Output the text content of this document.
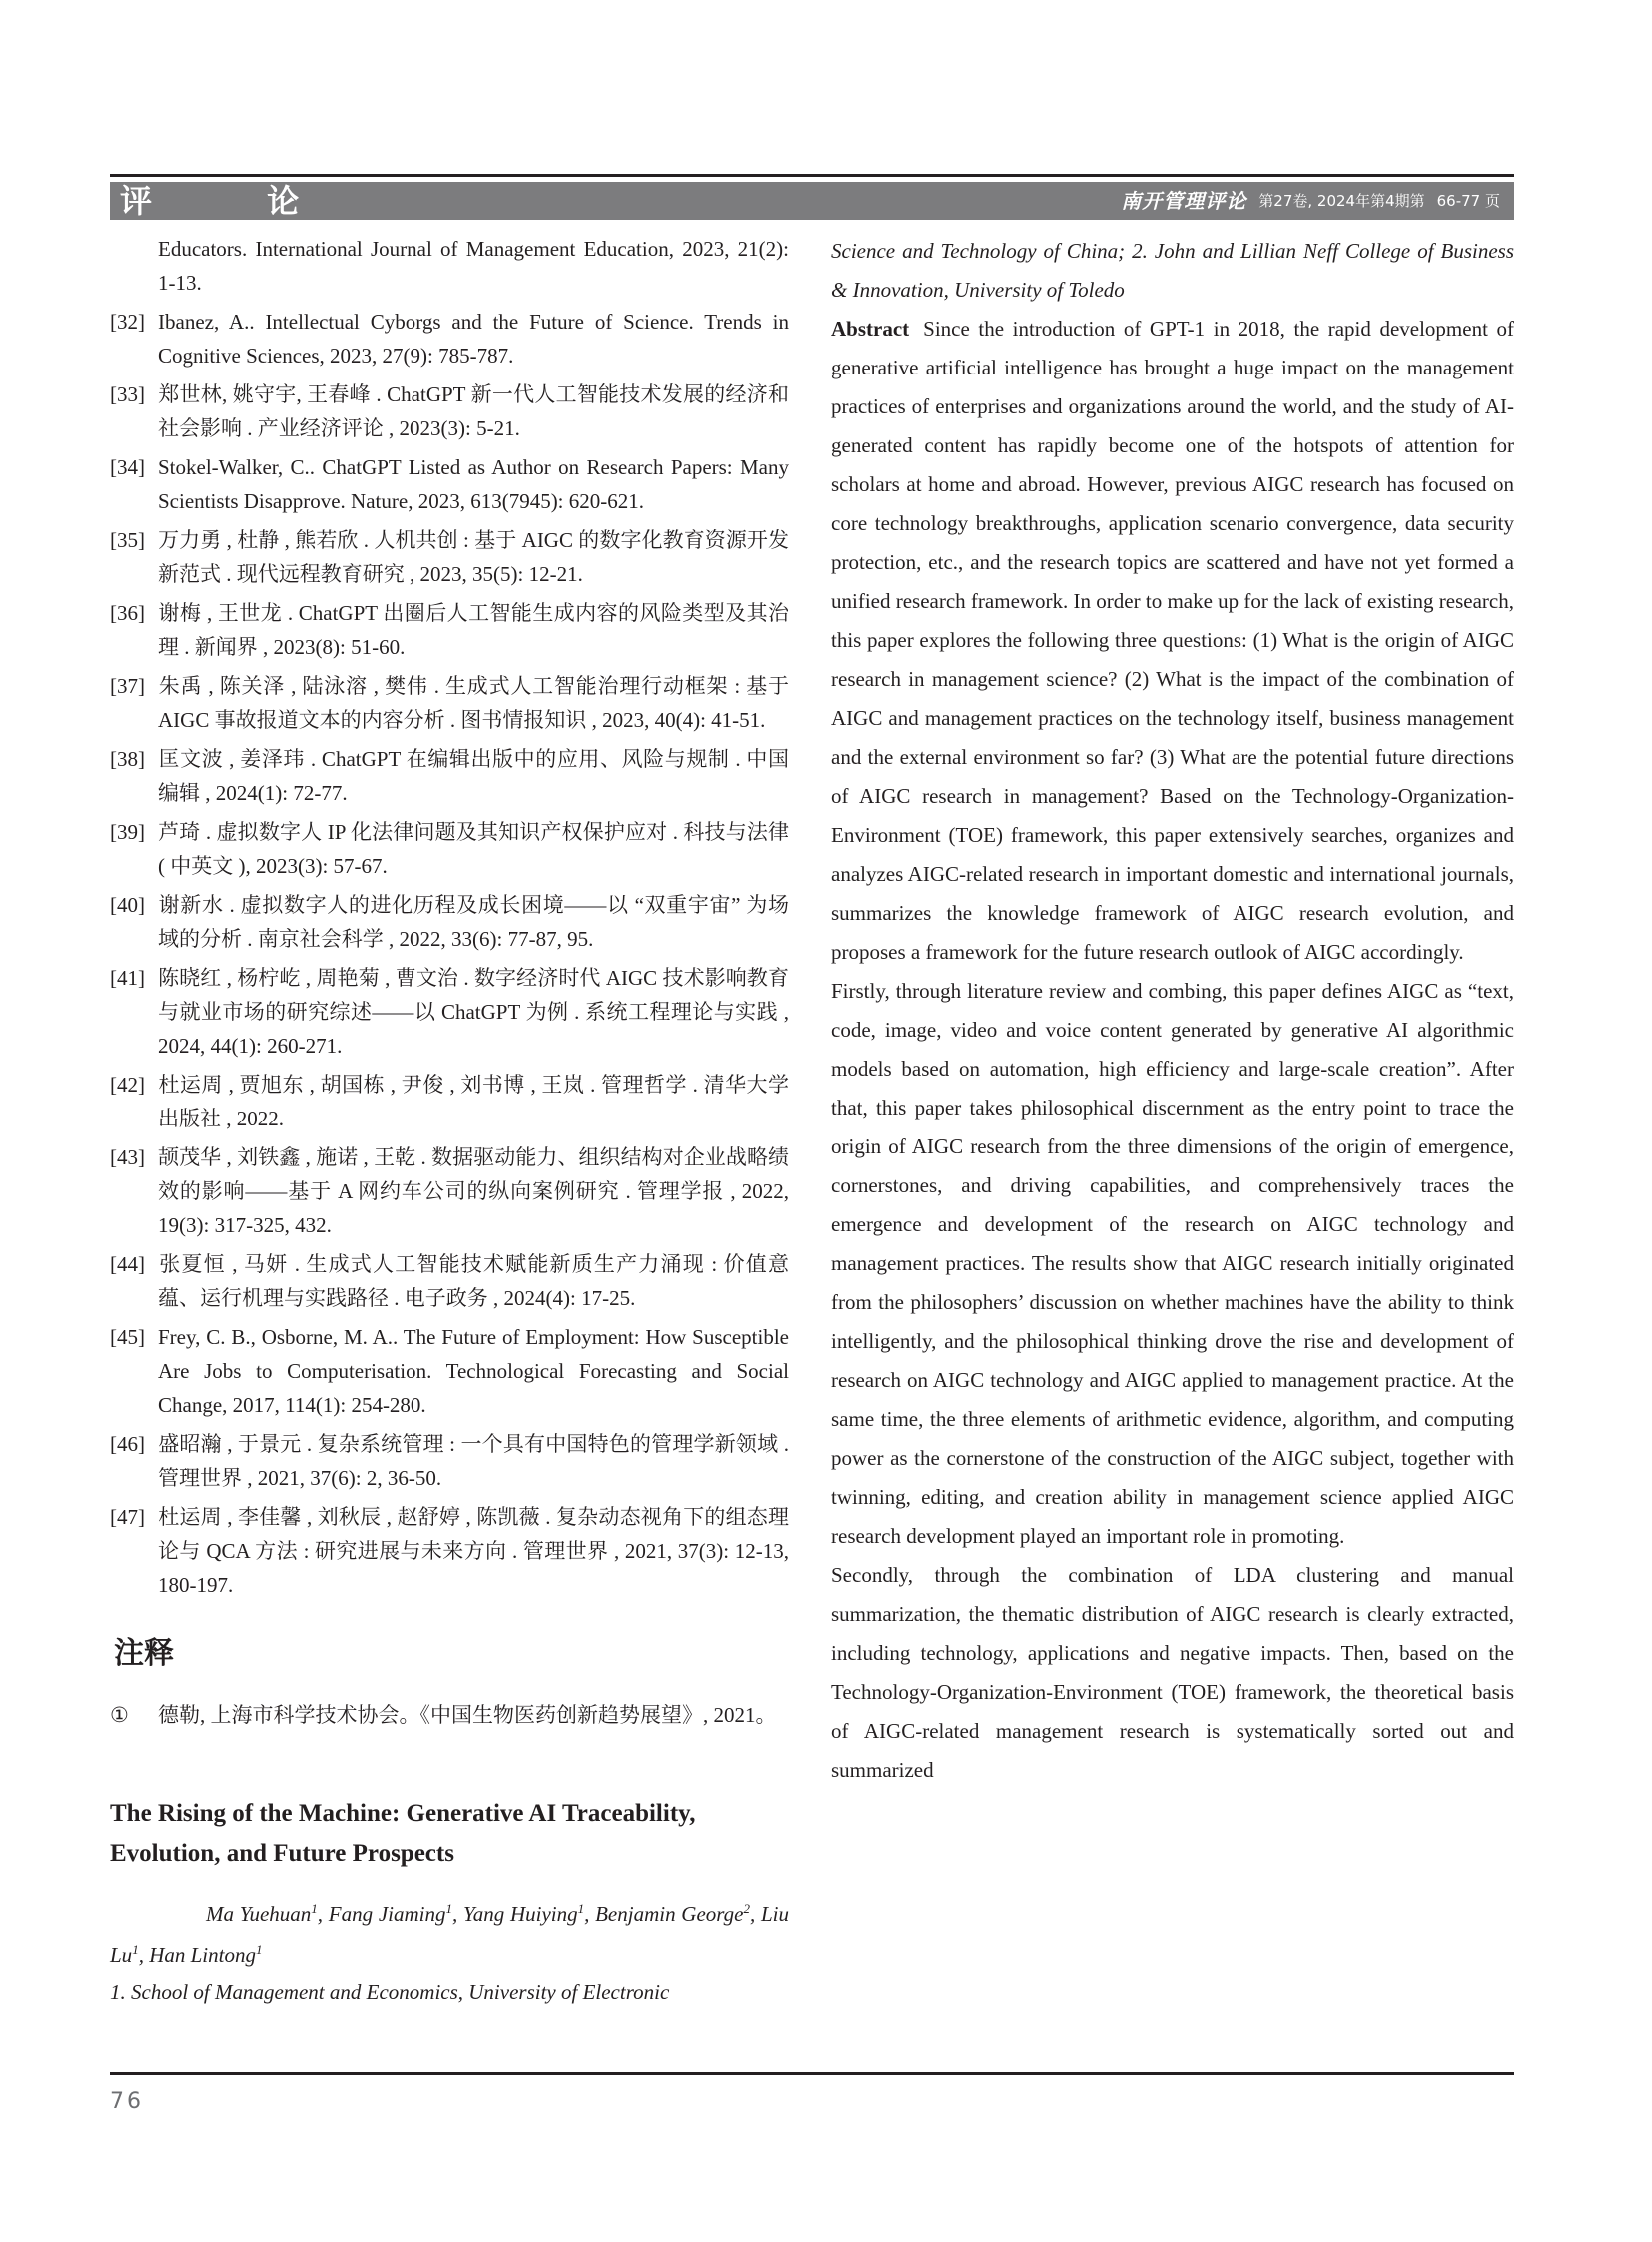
评 论	南开管理评论 第27卷, 2024年第4期第 66-77 页
Educators. International Journal of Management Education, 2023, 21(2): 1-13.
[32] Ibanez, A.. Intellectual Cyborgs and the Future of Science. Trends in Cognitive Sciences, 2023, 27(9): 785-787.
[33] 郑世林, 姚守宇, 王春峰 . ChatGPT 新一代人工智能技术发展的经济和社会影响 . 产业经济评论 , 2023(3): 5-21.
[34] Stokel-Walker, C.. ChatGPT Listed as Author on Research Papers: Many Scientists Disapprove. Nature, 2023, 613(7945): 620-621.
[35] 万力勇 , 杜静 , 熊若欣 . 人机共创 : 基于 AIGC 的数字化教育资源开发新范式 . 现代远程教育研究 , 2023, 35(5): 12-21.
[36] 谢梅 , 王世龙 . ChatGPT 出圈后人工智能生成内容的风险类型及其治理 . 新闻界 , 2023(8): 51-60.
[37] 朱禹 , 陈关泽 , 陆泳溶 , 樊伟 . 生成式人工智能治理行动框架 : 基于 AIGC 事故报道文本的内容分析 . 图书情报知识 , 2023, 40(4): 41-51.
[38] 匡文波 , 姜泽玮 . ChatGPT 在编辑出版中的应用、风险与规制 . 中国编辑 , 2024(1): 72-77.
[39] 芦琦 . 虚拟数字人 IP 化法律问题及其知识产权保护应对 . 科技与法律 ( 中英文 ), 2023(3): 57-67.
[40] 谢新水 . 虚拟数字人的进化历程及成长困境——以 “双重宇宙” 为场域的分析 . 南京社会科学 , 2022, 33(6): 77-87, 95.
[41] 陈晓红 , 杨柠屹 , 周艳菊 , 曹文治 . 数字经济时代 AIGC 技术影响教育与就业市场的研究综述——以 ChatGPT 为例 . 系统工程理论与实践 , 2024, 44(1): 260-271.
[42] 杜运周 , 贾旭东 , 胡国栋 , 尹俊 , 刘书博 , 王岚 . 管理哲学 . 清华大学出版社 , 2022.
[43] 颉茂华 , 刘铁鑫 , 施诺 , 王乾 . 数据驱动能力、组织结构对企业战略绩效的影响——基于 A 网约车公司的纵向案例研究 . 管理学报 , 2022, 19(3): 317-325, 432.
[44] 张夏恒 , 马妍 . 生成式人工智能技术赋能新质生产力涌现 : 价值意蕴、运行机理与实践路径 . 电子政务 , 2024(4): 17-25.
[45] Frey, C. B., Osborne, M. A.. The Future of Employment: How Susceptible Are Jobs to Computerisation. Technological Forecasting and Social Change, 2017, 114(1): 254-280.
[46] 盛昭瀚 , 于景元 . 复杂系统管理 : 一个具有中国特色的管理学新领域 . 管理世界 , 2021, 37(6): 2, 36-50.
[47] 杜运周 , 李佳馨 , 刘秋辰 , 赵舒婷 , 陈凯薇 . 复杂动态视角下的组态理论与 QCA 方法 : 研究进展与未来方向 . 管理世界 , 2021, 37(3): 12-13, 180-197.
注释
① 德勒, 上海市科学技术协会。《中国生物医药创新趋势展望》, 2021。
The Rising of the Machine: Generative AI Traceability, Evolution, and Future Prospects
Ma Yuehuan$^1$, Fang Jiaming$^1$, Yang Huiying$^1$, Benjamin George$^2$, Liu Lu$^1$, Han Lintong$^1$
1. School of Management and Economics, University of Electronic
Science and Technology of China; 2. John and Lillian Neff College of Business & Innovation, University of Toledo

Abstract Since the introduction of GPT-1 in 2018, the rapid development of generative artificial intelligence has brought a huge impact on the management practices of enterprises and organizations around the world, and the study of AI-generated content has rapidly become one of the hotspots of attention for scholars at home and abroad. However, previous AIGC research has focused on core technology breakthroughs, application scenario convergence, data security protection, etc., and the research topics are scattered and have not yet formed a unified research framework. In order to make up for the lack of existing research, this paper explores the following three questions: (1) What is the origin of AIGC research in management science? (2) What is the impact of the combination of AIGC and management practices on the technology itself, business management and the external environment so far? (3) What are the potential future directions of AIGC research in management? Based on the Technology-Organization-Environment (TOE) framework, this paper extensively searches, organizes and analyzes AIGC-related research in important domestic and international journals, summarizes the knowledge framework of AIGC research evolution, and proposes a framework for the future research outlook of AIGC accordingly.

Firstly, through literature review and combing, this paper defines AIGC as “text, code, image, video and voice content generated by generative AI algorithmic models based on automation, high efficiency and large-scale creation”. After that, this paper takes philosophical discernment as the entry point to trace the origin of AIGC research from the three dimensions of the origin of emergence, cornerstones, and driving capabilities, and comprehensively traces the emergence and development of the research on AIGC technology and management practices. The results show that AIGC research initially originated from the philosophers’ discussion on whether machines have the ability to think intelligently, and the philosophical thinking drove the rise and development of research on AIGC technology and AIGC applied to management practice. At the same time, the three elements of arithmetic evidence, algorithm, and computing power as the cornerstone of the construction of the AIGC subject, together with twinning, editing, and creation ability in management science applied AIGC research development played an important role in promoting.

Secondly, through the combination of LDA clustering and manual summarization, the thematic distribution of AIGC research is clearly extracted, including technology, applications and negative impacts. Then, based on the Technology-Organization-Environment (TOE) framework, the theoretical basis of AIGC-related management research is systematically sorted out and summarized

76
